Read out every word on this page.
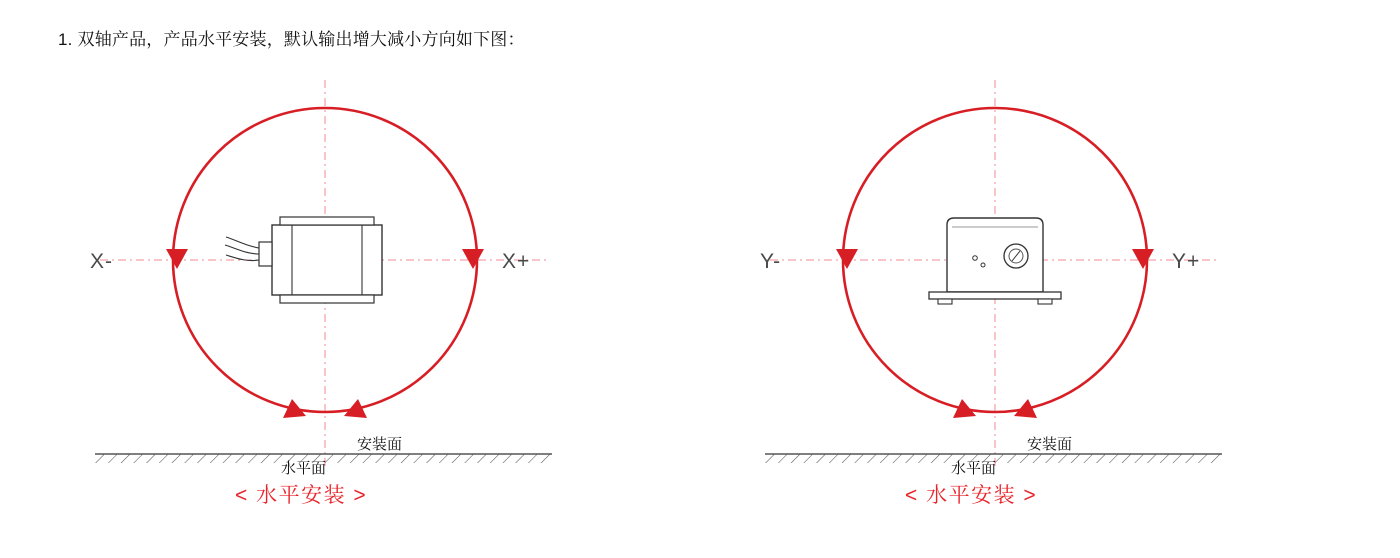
1. 双轴产品，产品水平安装，默认输出增大减小方向如下图：
X-	X+
安装面
水平面
< 水平安装 >
Y-	Y+
安装面
水平面
< 水平安装 >
